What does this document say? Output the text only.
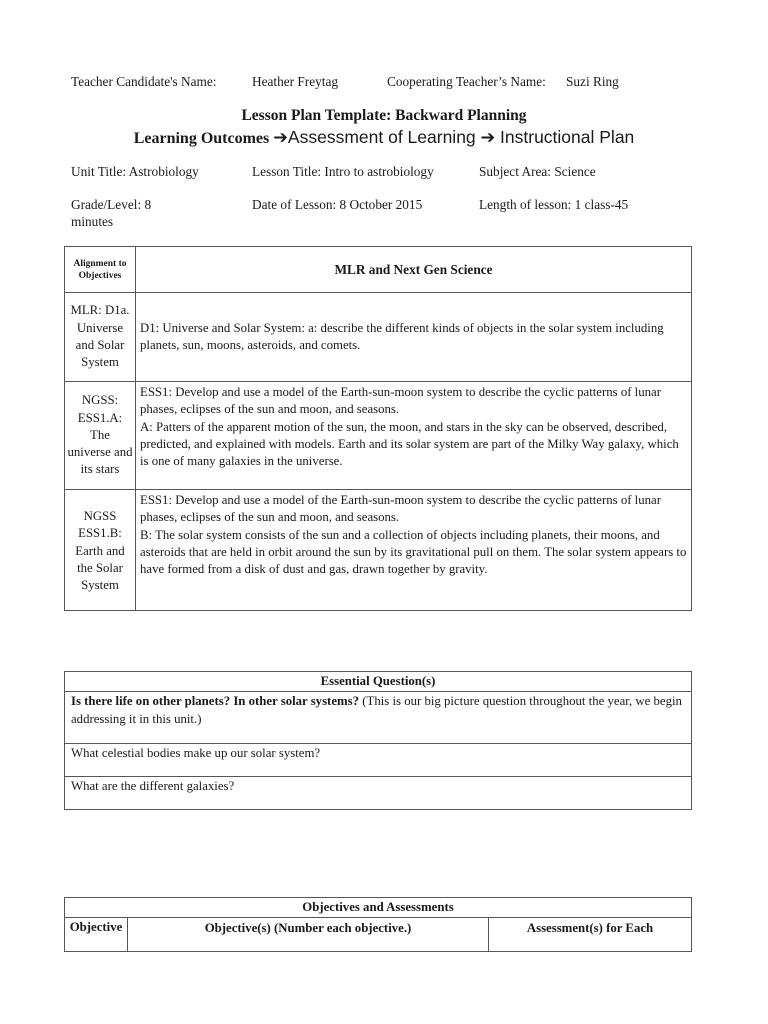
Teacher Candidate's Name:	Heather Freytag	Cooperating Teacher’s Name: Suzi Ring
Lesson Plan Template: Backward Planning
Learning Outcomes ➔Assessment of Learning ➔ Instructional Plan
Unit Title: Astrobiology	Lesson Title: Intro to astrobiology	Subject Area: Science
Grade/Level: 8	Date of Lesson: 8 October 2015	Length of lesson: 1 class-45
minutes
Alignment to Objectives	MLR and Next Gen Science
MLR: D1a. Universe and Solar System	D1: Universe and Solar System: a: describe the different kinds of objects in the solar system including planets, sun, moons, asteroids, and comets.
NGSS: ESS1.A: The universe and its stars	ESS1: Develop and use a model of the Earth-sun-moon system to describe the cyclic patterns of lunar phases, eclipses of the sun and moon, and seasons.
A: Patters of the apparent motion of the sun, the moon, and stars in the sky can be observed, described, predicted, and explained with models. Earth and its solar system are part of the Milky Way galaxy, which is one of many galaxies in the universe.

NGSS ESS1.B: Earth and the Solar System	ESS1: Develop and use a model of the Earth-sun-moon system to describe the cyclic patterns of lunar phases, eclipses of the sun and moon, and seasons.
B: The solar system consists of the sun and a collection of objects including planets, their moons, and asteroids that are held in orbit around the sun by its gravitational pull on them. The solar system appears to have formed from a disk of dust and gas, drawn together by gravity.
Essential Question(s)
Is there life on other planets? In other solar systems? (This is our big picture question throughout the year, we begin addressing it in this unit.)
What celestial bodies make up our solar system?
What are the different galaxies?
Objectives and Assessments
Objective	Objective(s) (Number each objective.)	Assessment(s) for Each
